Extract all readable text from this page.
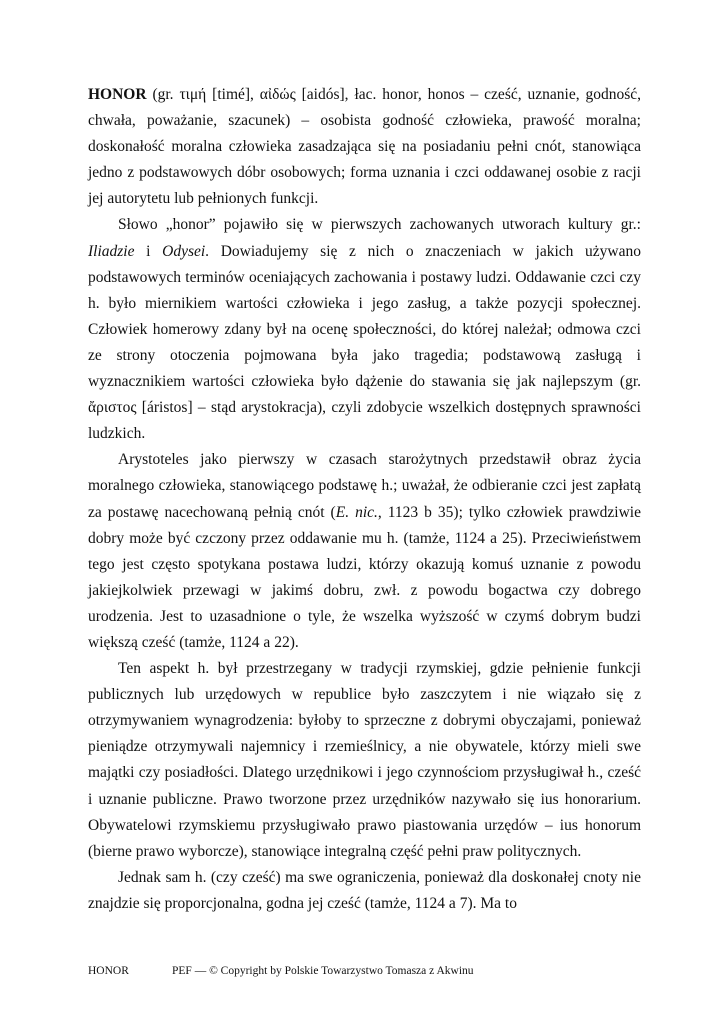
HONOR (gr. τιμή [timé], αἰδώς [aidós], łac. honor, honos – cześć, uznanie, godność, chwała, poważanie, szacunek) – osobista godność człowieka, prawość moralna; doskonałość moralna człowieka zasadzająca się na posiadaniu pełni cnót, stanowiąca jedno z podstawowych dóbr osobowych; forma uznania i czci oddawanej osobie z racji jej autorytetu lub pełnionych funkcji.

Słowo „honor” pojawiło się w pierwszych zachowanych utworach kultury gr.: Iliadzie i Odysei. Dowiadujemy się z nich o znaczeniach w jakich używano podstawowych terminów oceniających zachowania i postawy ludzi. Oddawanie czci czy h. było miernikiem wartości człowieka i jego zasług, a także pozycji społecznej. Człowiek homerowy zdany był na ocenę społeczności, do której należał; odmowa czci ze strony otoczenia pojmowana była jako tragedia; podstawową zasługą i wyznacznikiem wartości człowieka było dążenie do stawania się jak najlepszym (gr. ἄριστος [áristos] – stąd arystokracja), czyli zdobycie wszelkich dostępnych sprawności ludzkich.

Arystoteles jako pierwszy w czasach starożytnych przedstawił obraz życia moralnego człowieka, stanowiącego podstawę h.; uważał, że odbieranie czci jest zapłatą za postawę nacechowaną pełnią cnót (E. nic., 1123 b 35); tylko człowiek prawdziwie dobry może być czczony przez oddawanie mu h. (tamże, 1124 a 25). Przeciwieństwem tego jest często spotykana postawa ludzi, którzy okazują komuś uznanie z powodu jakiejkolwiek przewagi w jakimś dobru, zwł. z powodu bogactwa czy dobrego urodzenia. Jest to uzasadnione o tyle, że wszelka wyższość w czymś dobrym budzi większą cześć (tamże, 1124 a 22).

Ten aspekt h. był przestrzegany w tradycji rzymskiej, gdzie pełnienie funkcji publicznych lub urzędowych w republice było zaszczytem i nie wiązało się z otrzymywaniem wynagrodzenia: byłoby to sprzeczne z dobrymi obyczajami, ponieważ pieniądze otrzymywali najemnicy i rzemieślnicy, a nie obywatele, którzy mieli swe majątki czy posiadłości. Dlatego urzędnikowi i jego czynnościom przysługiwał h., cześć i uznanie publiczne. Prawo tworzone przez urzędników nazywało się ius honorarium. Obywatelowi rzymskiemu przysługiwało prawo piastowania urzędów – ius honorum (bierne prawo wyborcze), stanowiące integralną część pełni praw politycznych.

Jednak sam h. (czy cześć) ma swe ograniczenia, ponieważ dla doskonałej cnoty nie znajdzie się proporcjonalna, godna jej cześć (tamże, 1124 a 7). Ma to

HONOR	PEF — © Copyright by Polskie Towarzystwo Tomasza z Akwinu
